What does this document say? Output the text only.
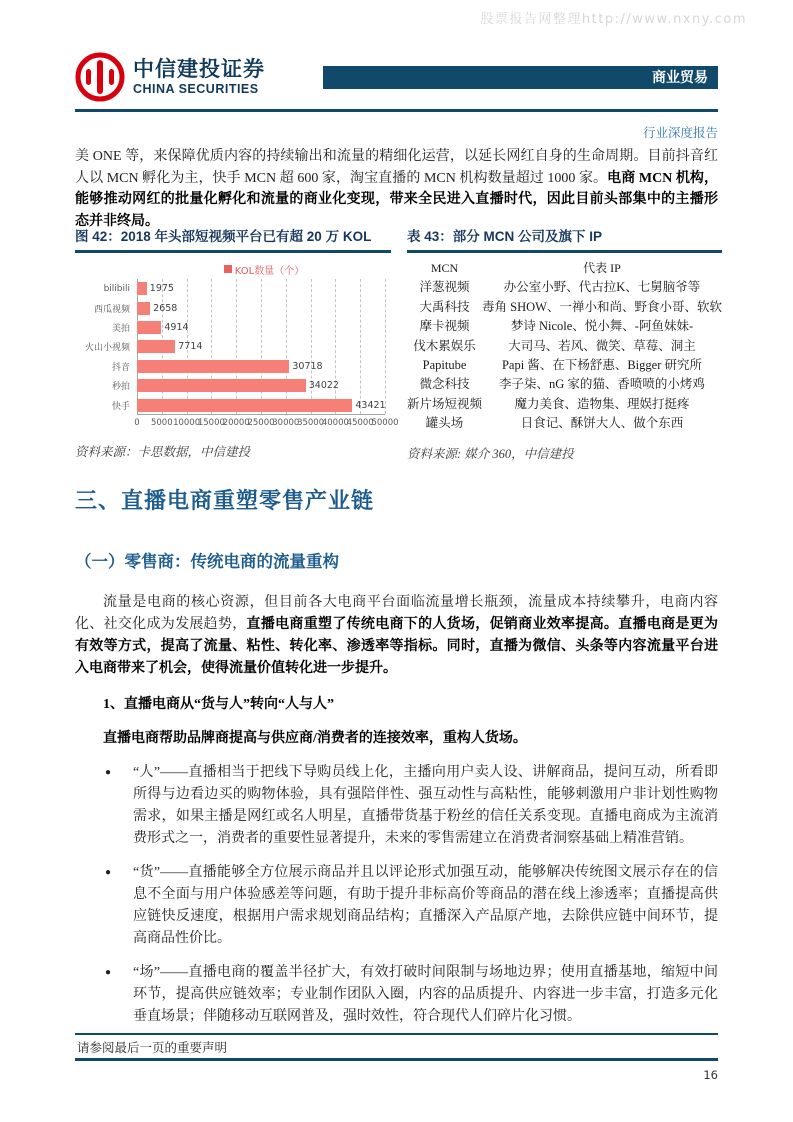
股票报告网整理http://www.nxny.com
中信建投证券
CHINA SECURITIES
商业贸易
行业深度报告
美 ONE 等，来保障优质内容的持续输出和流量的精细化运营，以延长网红自身的生命周期。目前抖音红人以 MCN 孵化为主，快手 MCN 超 600 家，淘宝直播的 MCN 机构数量超过 1000 家。电商 MCN 机构，能够推动网红的批量化孵化和流量的商业化变现，带来全民进入直播时代，因此目前头部集中的主播形态并非终局。
图 42：2018 年头部短视频平台已有超 20 万 KOL
KOL数量（个）
bilibili	1975
西瓜视频	2658
美拍	4914
火山小视频	7714
抖音	30718
秒拍	34022
快手	43421
0 5000 10000
15000
20000
25000
30000
35000
40000
45000
50000
资料来源：卡思数据，中信建投
表 43：部分 MCN 公司及旗下 IP
MCN	代表 IP
洋葱视频	办公室小野、代古拉K、七舅脑爷等
大禹科技	毒角 SHOW、一禅小和尚、野食小哥、软软
摩卡视频	梦诗 Nicole、悦小舞、-阿鱼妹妹-
伐木累娱乐	大司马、若风、微笑、草莓、洞主
Papitube	Papi 酱、在下杨舒惠、Bigger 研究所
微念科技	李子柒、nG 家的猫、香喷喷的小烤鸡
新片场短视频	魔力美食、造物集、理娱打挺疼
罐头场	日食记、酥饼大人、做个东西
资料来源: 媒介 360，中信建投
三、直播电商重塑零售产业链
（一）零售商：传统电商的流量重构
流量是电商的核心资源，但目前各大电商平台面临流量增长瓶颈，流量成本持续攀升，电商内容化、社交化成为发展趋势，直播电商重塑了传统电商下的人货场，促销商业效率提高。直播电商是更为有效等方式，提高了流量、粘性、转化率、渗透率等指标。同时，直播为微信、头条等内容流量平台进入电商带来了机会，使得流量价值转化进一步提升。
1、直播电商从“货与人”转向“人与人”
直播电商帮助品牌商提高与供应商/消费者的连接效率，重构人货场。
●	“人”——直播相当于把线下导购员线上化，主播向用户卖人设、讲解商品，提问互动，所看即所得与边看边买的购物体验，具有强陪伴性、强互动性与高粘性，能够刺激用户非计划性购物需求，如果主播是网红或名人明星，直播带货基于粉丝的信任关系变现。直播电商成为主流消费形式之一，消费者的重要性显著提升，未来的零售需建立在消费者洞察基础上精准营销。
●	“货”——直播能够全方位展示商品并且以评论形式加强互动，能够解决传统图文展示存在的信息不全面与用户体验感差等问题，有助于提升非标高价等商品的潜在线上渗透率；直播提高供应链快反速度，根据用户需求规划商品结构；直播深入产品原产地，去除供应链中间环节，提高商品性价比。
●	“场”——直播电商的覆盖半径扩大，有效打破时间限制与场地边界；使用直播基地，缩短中间环节，提高供应链效率；专业制作团队入圈，内容的品质提升、内容进一步丰富，打造多元化垂直场景；伴随移动互联网普及，强时效性，符合现代人们碎片化习惯。
请参阅最后一页的重要声明
16
